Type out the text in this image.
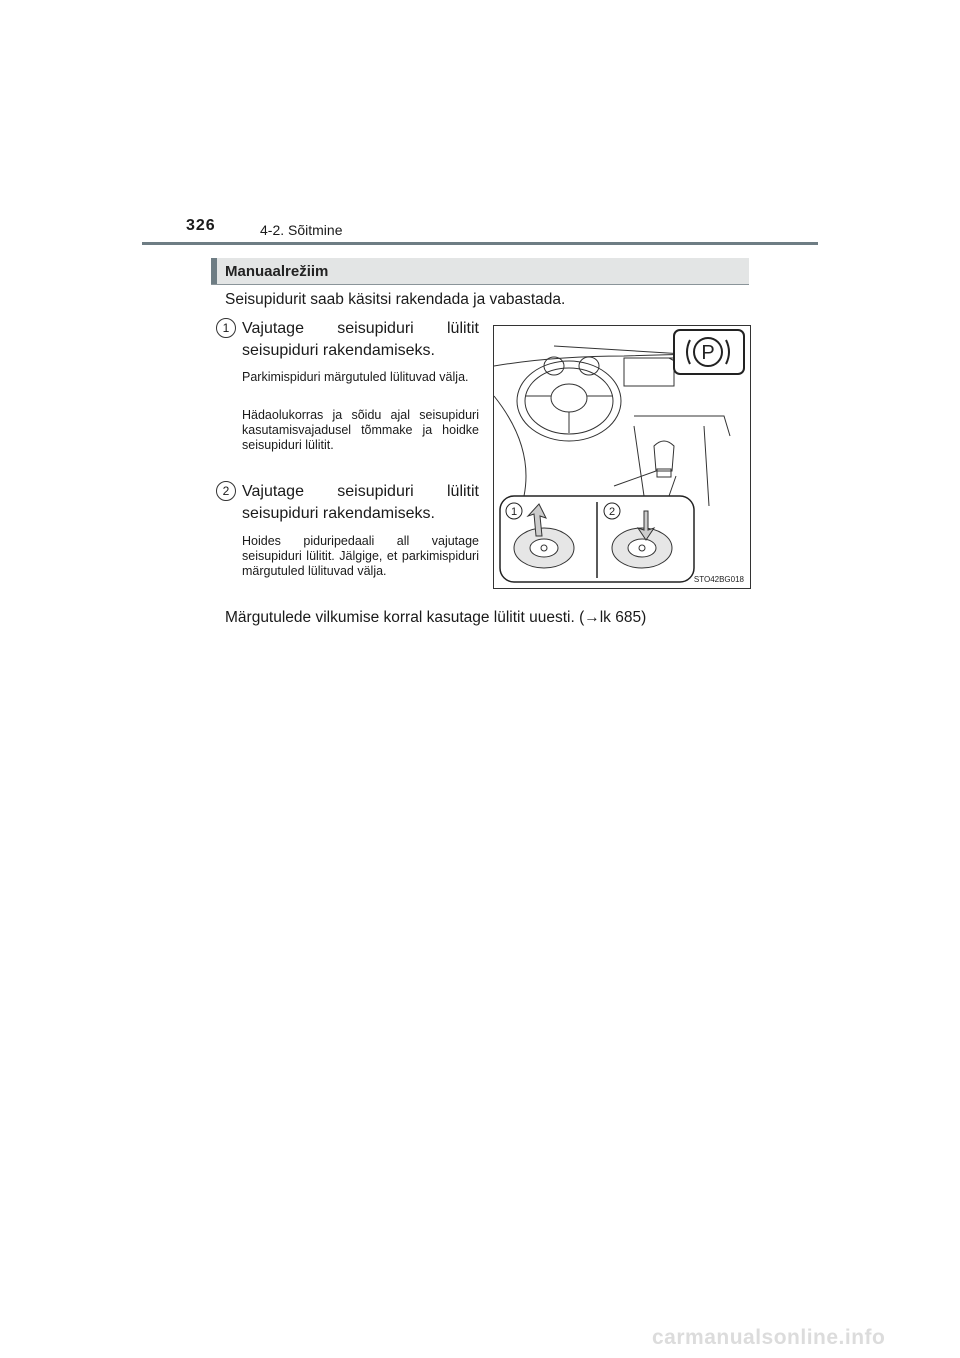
326	4-2. Sõitmine
Manuaalrežiim
Seisupidurit saab käsitsi rakendada ja vabastada.
1 Vajutage seisupiduri lülitit
seisupiduri rakendamiseks.
Parkimispiduri märgutuled lülituvad välja.
Hädaolukorras ja sõidu ajal seisupiduri kasutamisvajadusel tõmmake ja hoidke seisupiduri lülitit.
2 Vajutage seisupiduri lülitit
seisupiduri rakendamiseks.
Hoides piduripedaali all vajutage seisupiduri lülitit. Jälgige, et parkimispiduri märgutuled lülituvad välja.
P
1	2
STO42BG018
Märgutulede vilkumise korral kasutage lülitit uuesti. (→lk 685)
carmanualsonline.info
